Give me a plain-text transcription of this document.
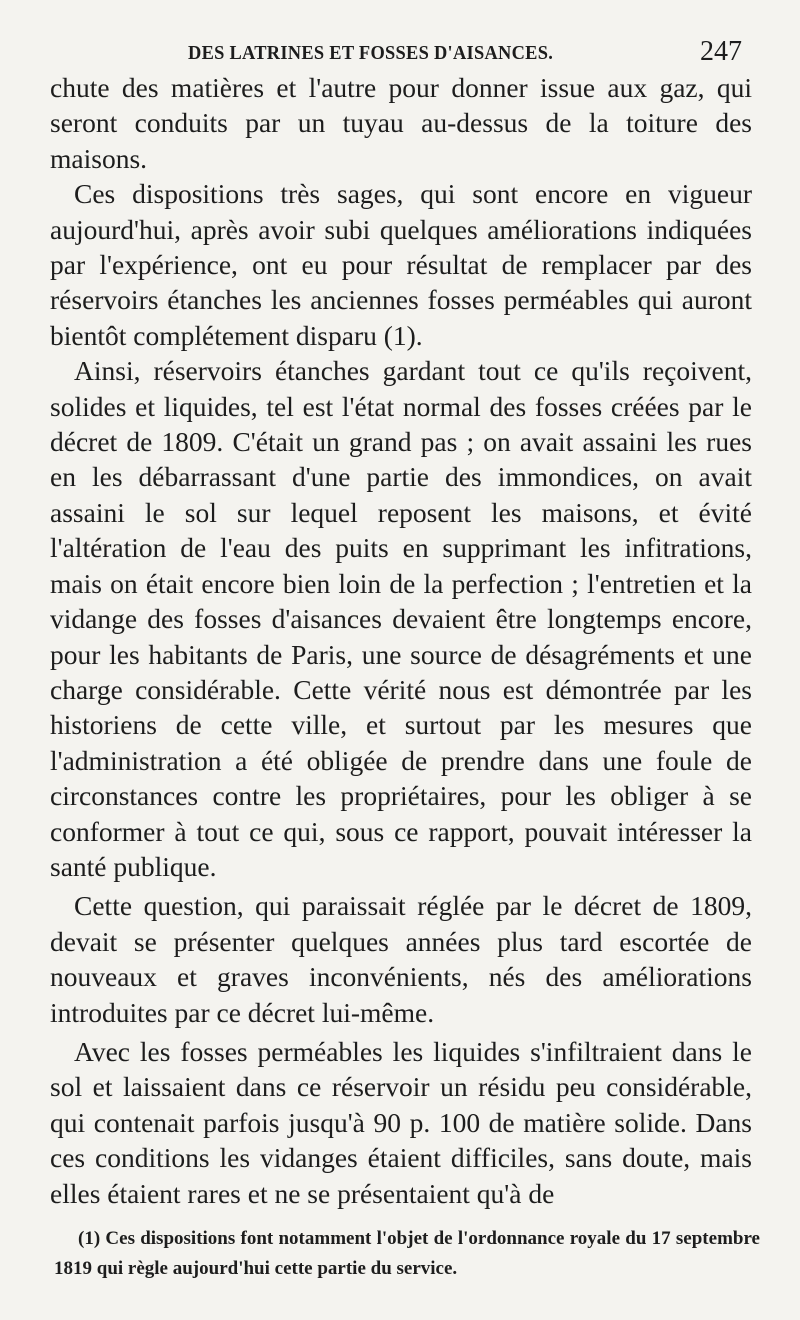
DES LATRINES ET FOSSES D'AISANCES.	247

chute des matières et l'autre pour donner issue aux gaz, qui seront conduits par un tuyau au-dessus de la toiture des maisons.

Ces dispositions très sages, qui sont encore en vigueur aujourd'hui, après avoir subi quelques améliorations indiquées par l'expérience, ont eu pour résultat de remplacer par des réservoirs étanches les anciennes fosses perméables qui auront bientôt complétement disparu (1).

Ainsi, réservoirs étanches gardant tout ce qu'ils reçoivent, solides et liquides, tel est l'état normal des fosses créées par le décret de 1809. C'était un grand pas ; on avait assaini les rues en les débarrassant d'une partie des immondices, on avait assaini le sol sur lequel reposent les maisons, et évité l'altération de l'eau des puits en supprimant les infitrations, mais on était encore bien loin de la perfection ; l'entretien et la vidange des fosses d'aisances devaient être longtemps encore, pour les habitants de Paris, une source de désagréments et une charge considérable. Cette vérité nous est démontrée par les historiens de cette ville, et surtout par les mesures que l'administration a été obligée de prendre dans une foule de circonstances contre les propriétaires, pour les obliger à se conformer à tout ce qui, sous ce rapport, pouvait intéresser la santé publique.

Cette question, qui paraissait réglée par le décret de 1809, devait se présenter quelques années plus tard escortée de nouveaux et graves inconvénients, nés des améliorations introduites par ce décret lui-même.

Avec les fosses perméables les liquides s'infiltraient dans le sol et laissaient dans ce réservoir un résidu peu considérable, qui contenait parfois jusqu'à 90 p. 100 de matière solide. Dans ces conditions les vidanges étaient difficiles, sans doute, mais elles étaient rares et ne se présentaient qu'à de

(1) Ces dispositions font notamment l'objet de l'ordonnance royale du 17 septembre 1819 qui règle aujourd'hui cette partie du service.
